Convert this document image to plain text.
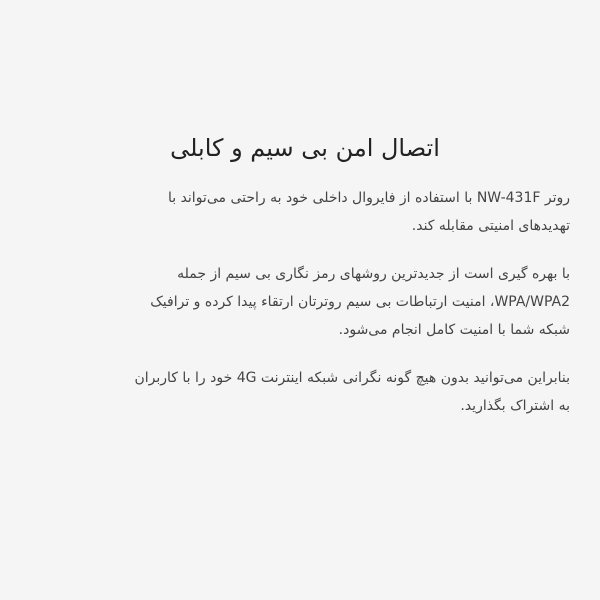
اتصال امن بی سیم و کابلی

روتر NW-431F با استفاده از فایروال داخلی خود به راحتی می‌تواند با
تهدیدهای امنیتی مقابله کند.

با بهره گیری است از جدیدترین روشهای رمز نگاری بی سیم از جمله
WPA/WPA2، امنیت ارتباطات بی سیم روترتان ارتقاء پیدا کرده و ترافیک
شبکه شما با امنیت کامل انجام می‌شود.

بنابراین می‌توانید بدون هیچ گونه نگرانی شبکه اینترنت 4G خود را با کاربران
به اشتراک بگذارید.
